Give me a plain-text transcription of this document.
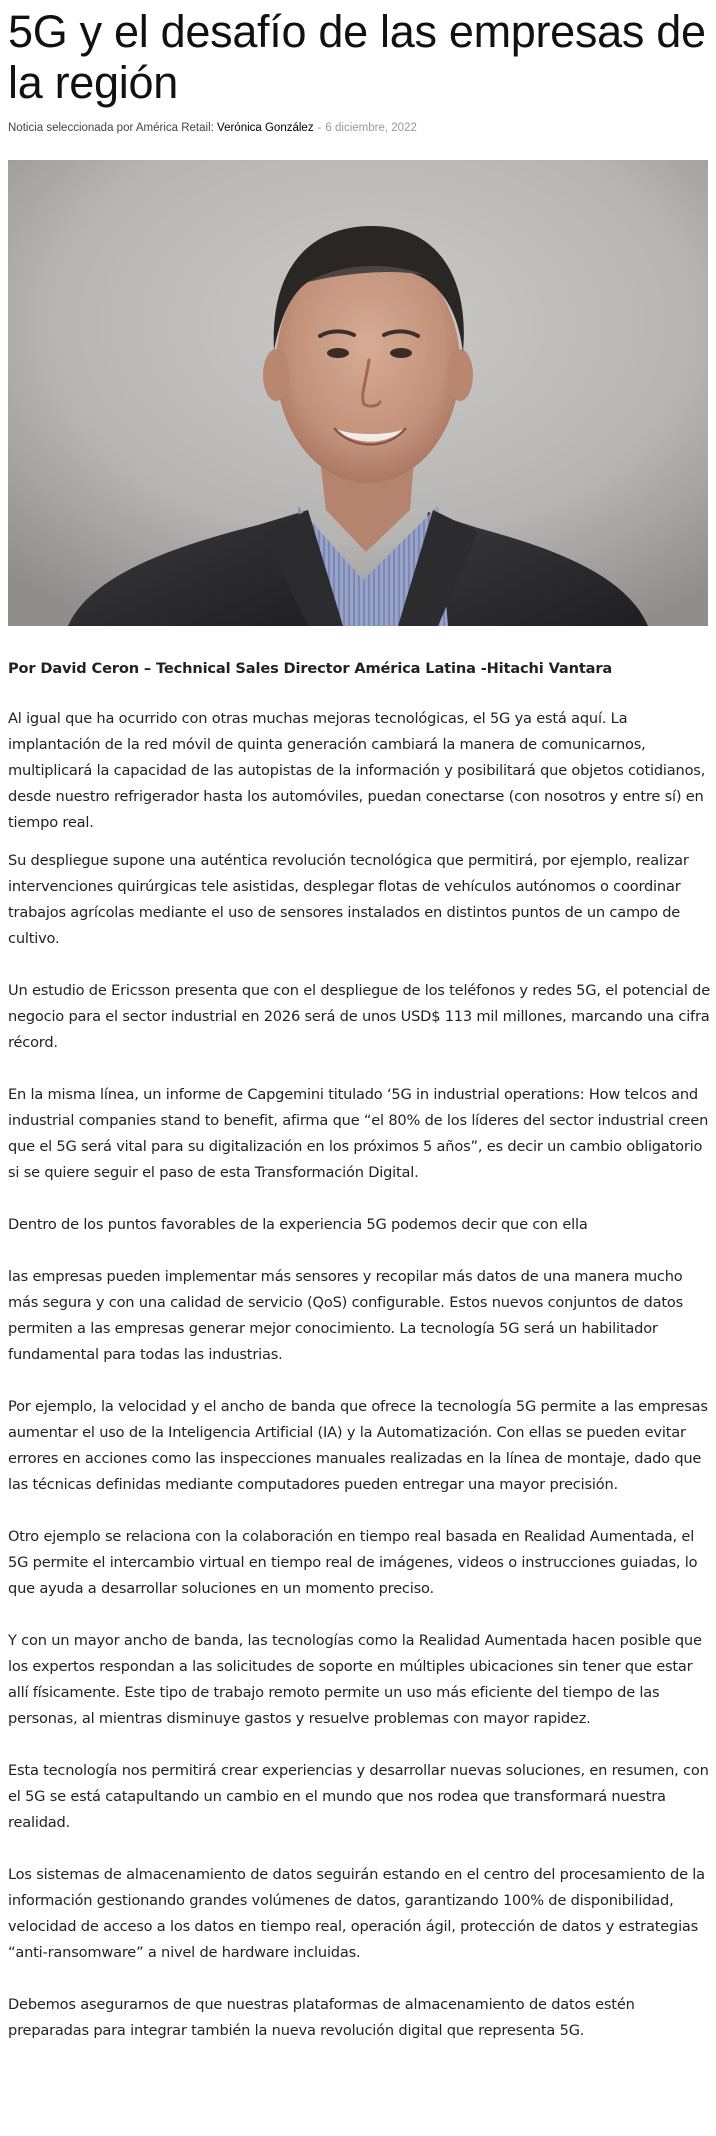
5G y el desafío de las empresas de la región
Noticia seleccionada por América Retail: Verónica González - 6 diciembre, 2022

Por David Ceron – Technical Sales Director América Latina -Hitachi Vantara

Al igual que ha ocurrido con otras muchas mejoras tecnológicas, el 5G ya está aquí. La implantación de la red móvil de quinta generación cambiará la manera de comunicarnos, multiplicará la capacidad de las autopistas de la información y posibilitará que objetos cotidianos, desde nuestro refrigerador hasta los automóviles, puedan conectarse (con nosotros y entre sí) en tiempo real.

Su despliegue supone una auténtica revolución tecnológica que permitirá, por ejemplo, realizar intervenciones quirúrgicas tele asistidas, desplegar flotas de vehículos autónomos o coordinar trabajos agrícolas mediante el uso de sensores instalados en distintos puntos de un campo de cultivo.

Un estudio de Ericsson presenta que con el despliegue de los teléfonos y redes 5G, el potencial de negocio para el sector industrial en 2026 será de unos USD$ 113 mil millones, marcando una cifra récord.

En la misma línea, un informe de Capgemini titulado ‘5G in industrial operations: How telcos and industrial companies stand to benefit, afirma que “el 80% de los líderes del sector industrial creen que el 5G será vital para su digitalización en los próximos 5 años”, es decir un cambio obligatorio si se quiere seguir el paso de esta Transformación Digital.

Dentro de los puntos favorables de la experiencia 5G podemos decir que con ella

las empresas pueden implementar más sensores y recopilar más datos de una manera mucho más segura y con una calidad de servicio (QoS) configurable. Estos nuevos conjuntos de datos permiten a las empresas generar mejor conocimiento. La tecnología 5G será un habilitador fundamental para todas las industrias.

Por ejemplo, la velocidad y el ancho de banda que ofrece la tecnología 5G permite a las empresas aumentar el uso de la Inteligencia Artificial (IA) y la Automatización. Con ellas se pueden evitar errores en acciones como las inspecciones manuales realizadas en la línea de montaje, dado que las técnicas definidas mediante computadores pueden entregar una mayor precisión.

Otro ejemplo se relaciona con la colaboración en tiempo real basada en Realidad Aumentada, el 5G permite el intercambio virtual en tiempo real de imágenes, videos o instrucciones guiadas, lo que ayuda a desarrollar soluciones en un momento preciso.

Y con un mayor ancho de banda, las tecnologías como la Realidad Aumentada hacen posible que los expertos respondan a las solicitudes de soporte en múltiples ubicaciones sin tener que estar allí físicamente. Este tipo de trabajo remoto permite un uso más eficiente del tiempo de las personas, al mientras disminuye gastos y resuelve problemas con mayor rapidez.

Esta tecnología nos permitirá crear experiencias y desarrollar nuevas soluciones, en resumen, con el 5G se está catapultando un cambio en el mundo que nos rodea que transformará nuestra realidad.

Los sistemas de almacenamiento de datos seguirán estando en el centro del procesamiento de la información gestionando grandes volúmenes de datos, garantizando 100% de disponibilidad, velocidad de acceso a los datos en tiempo real, operación ágil, protección de datos y estrategias “anti-ransomware” a nivel de hardware incluidas.

Debemos asegurarnos de que nuestras plataformas de almacenamiento de datos estén preparadas para integrar también la nueva revolución digital que representa 5G.
